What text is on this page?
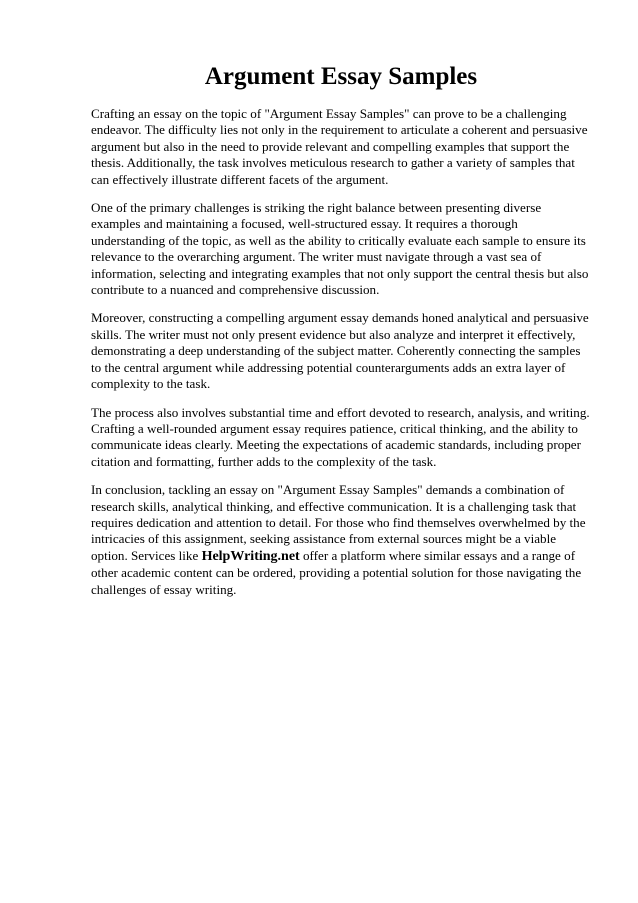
Argument Essay Samples

Crafting an essay on the topic of "Argument Essay Samples" can prove to be a challenging endeavor. The difficulty lies not only in the requirement to articulate a coherent and persuasive argument but also in the need to provide relevant and compelling examples that support the thesis. Additionally, the task involves meticulous research to gather a variety of samples that can effectively illustrate different facets of the argument.

One of the primary challenges is striking the right balance between presenting diverse examples and maintaining a focused, well-structured essay. It requires a thorough understanding of the topic, as well as the ability to critically evaluate each sample to ensure its relevance to the overarching argument. The writer must navigate through a vast sea of information, selecting and integrating examples that not only support the central thesis but also contribute to a nuanced and comprehensive discussion.

Moreover, constructing a compelling argument essay demands honed analytical and persuasive skills. The writer must not only present evidence but also analyze and interpret it effectively, demonstrating a deep understanding of the subject matter. Coherently connecting the samples to the central argument while addressing potential counterarguments adds an extra layer of complexity to the task.

The process also involves substantial time and effort devoted to research, analysis, and writing. Crafting a well-rounded argument essay requires patience, critical thinking, and the ability to communicate ideas clearly. Meeting the expectations of academic standards, including proper citation and formatting, further adds to the complexity of the task.

In conclusion, tackling an essay on "Argument Essay Samples" demands a combination of research skills, analytical thinking, and effective communication. It is a challenging task that requires dedication and attention to detail. For those who find themselves overwhelmed by the intricacies of this assignment, seeking assistance from external sources might be a viable option. Services like HelpWriting.net offer a platform where similar essays and a range of other academic content can be ordered, providing a potential solution for those navigating the challenges of essay writing.
